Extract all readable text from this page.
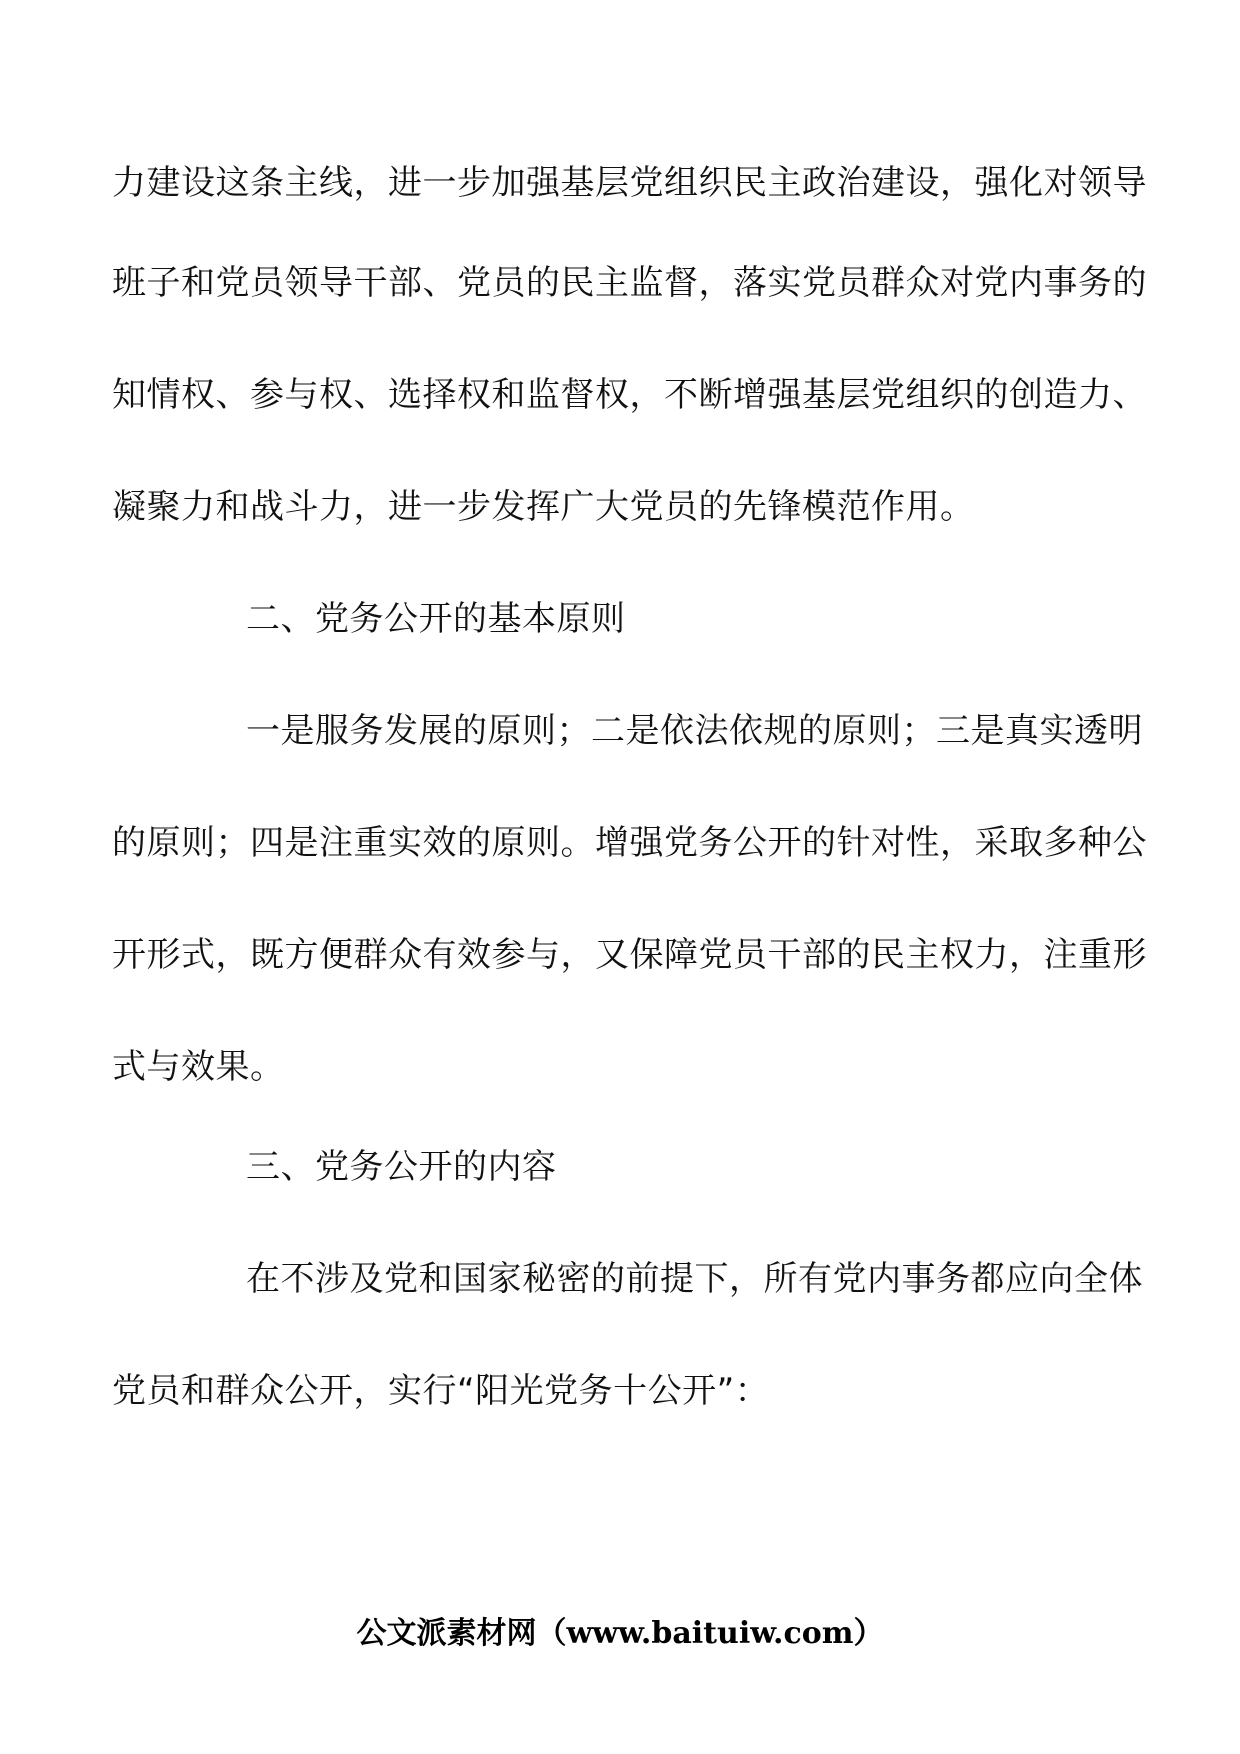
力建设这条主线，进一步加强基层党组织民主政治建设，强化对领导
班子和党员领导干部、党员的民主监督，落实党员群众对党内事务的
知情权、参与权、选择权和监督权，不断增强基层党组织的创造力、
凝聚力和战斗力，进一步发挥广大党员的先锋模范作用。
二、党务公开的基本原则
一是服务发展的原则；二是依法依规的原则；三是真实透明
的原则；四是注重实效的原则。增强党务公开的针对性，采取多种公
开形式，既方便群众有效参与，又保障党员干部的民主权力，注重形
式与效果。
三、党务公开的内容
在不涉及党和国家秘密的前提下，所有党内事务都应向全体
党员和群众公开，实行“阳光党务十公开”：
公文派素材网（www.baituiw.com）
